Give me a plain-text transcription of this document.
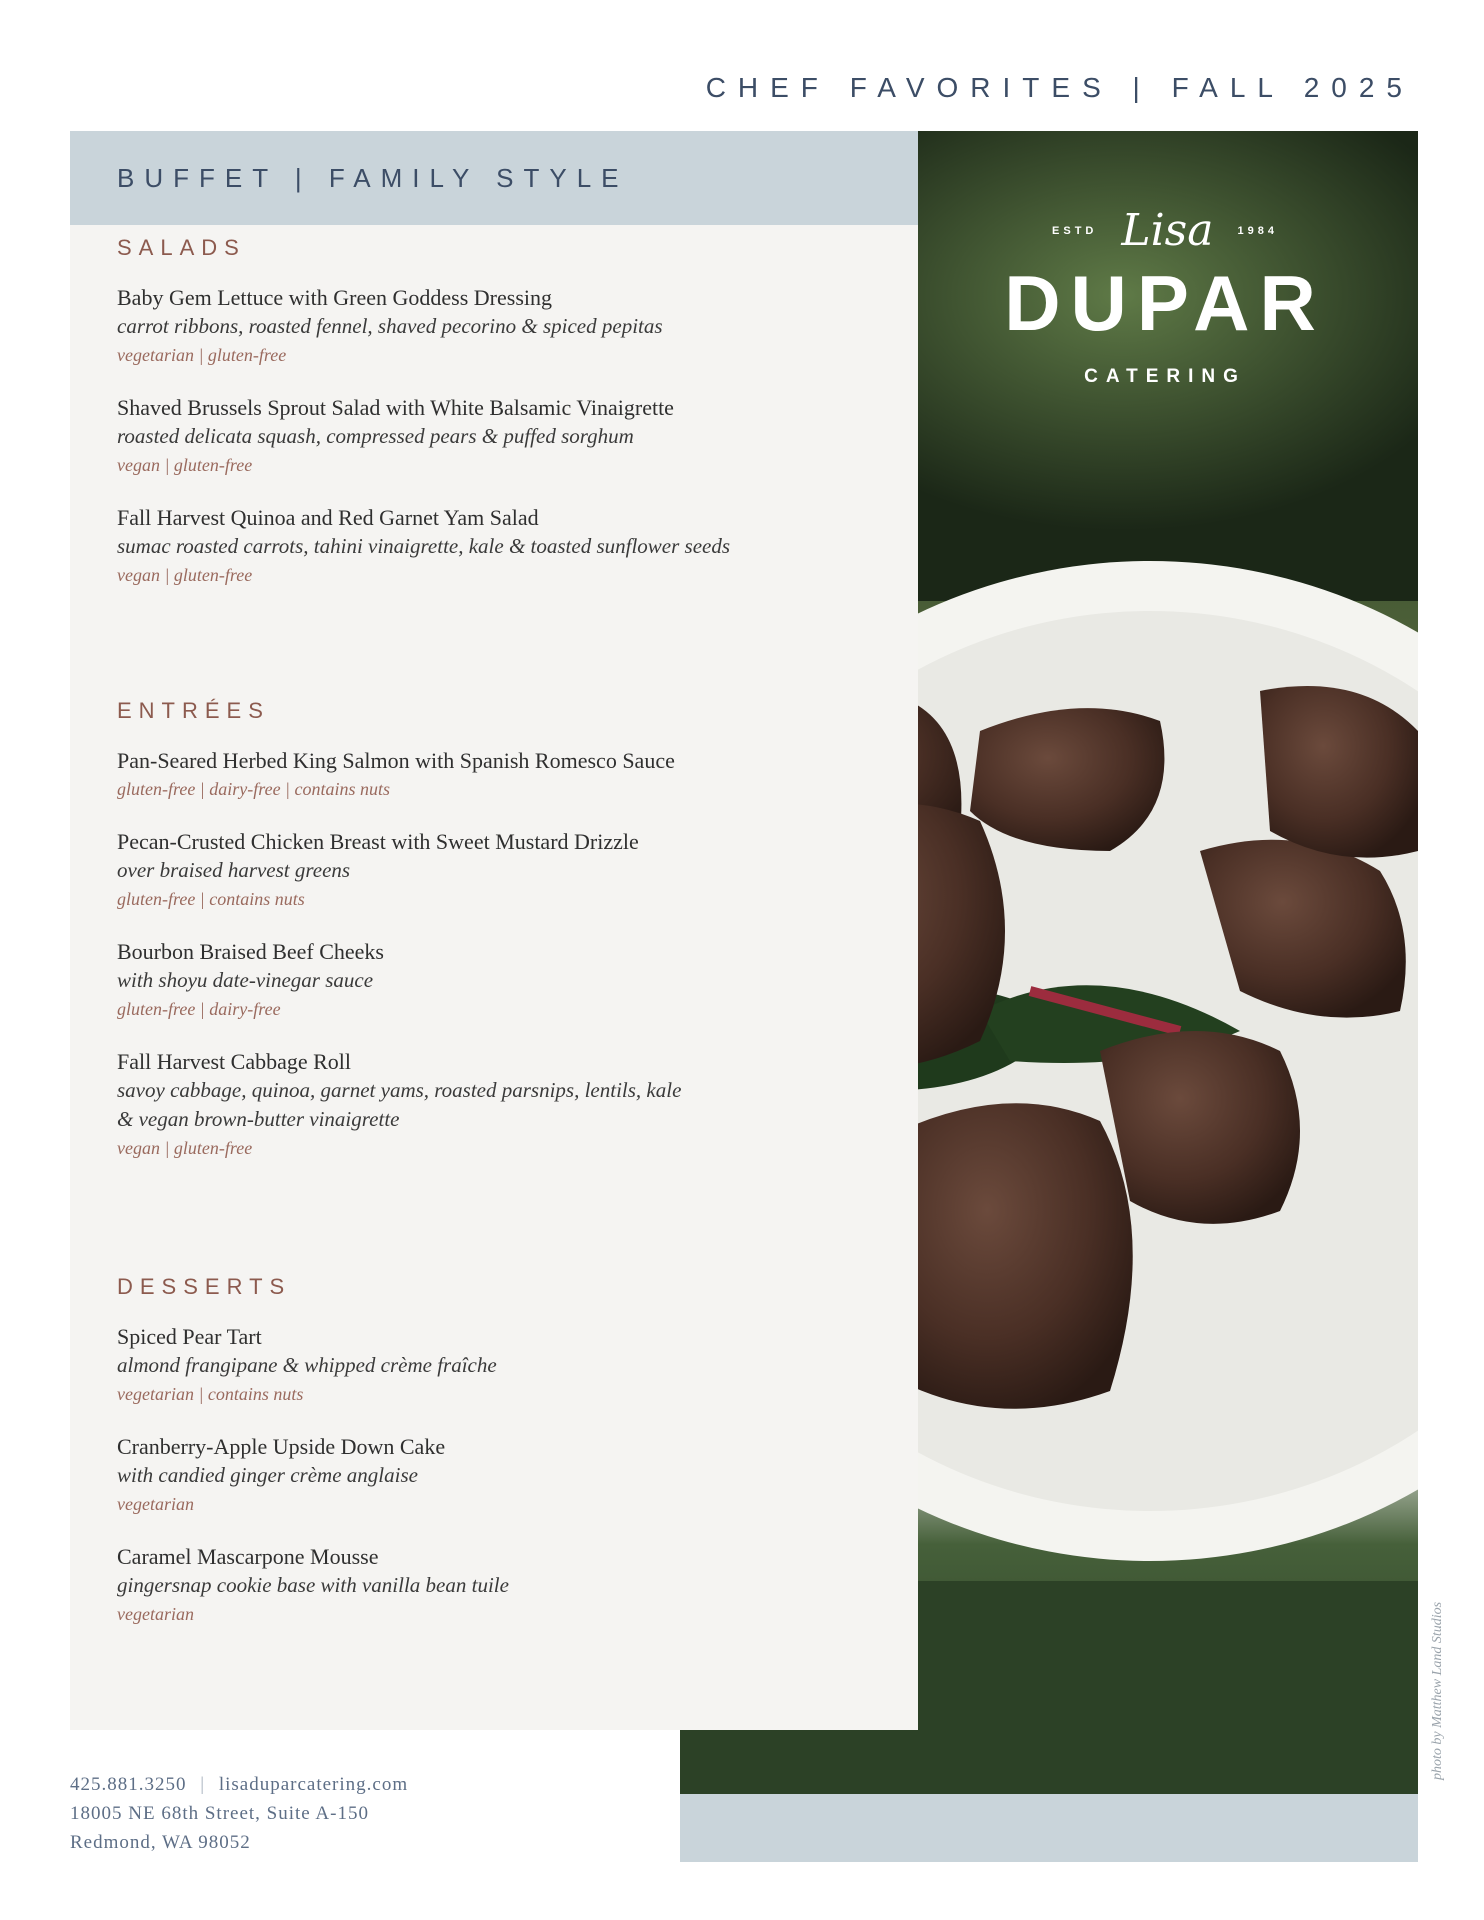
CHEF FAVORITES | FALL 2025
photo by Matthew Land Studios
ESTD Lisa 1984
DUPAR
CATERING
BUFFET | FAMILY STYLE
SALADS
Baby Gem Lettuce with Green Goddess Dressing
carrot ribbons, roasted fennel, shaved pecorino & spiced pepitas
vegetarian | gluten-free
Shaved Brussels Sprout Salad with White Balsamic Vinaigrette
roasted delicata squash, compressed pears & puffed sorghum
vegan | gluten-free
Fall Harvest Quinoa and Red Garnet Yam Salad
sumac roasted carrots, tahini vinaigrette, kale & toasted sunflower seeds
vegan | gluten-free
ENTRÉES
Pan-Seared Herbed King Salmon with Spanish Romesco Sauce
gluten-free | dairy-free | contains nuts
Pecan-Crusted Chicken Breast with Sweet Mustard Drizzle
over braised harvest greens
gluten-free | contains nuts
Bourbon Braised Beef Cheeks
with shoyu date-vinegar sauce
gluten-free | dairy-free
Fall Harvest Cabbage Roll
savoy cabbage, quinoa, garnet yams, roasted parsnips, lentils, kale
& vegan brown-butter vinaigrette
vegan | gluten-free
DESSERTS
Spiced Pear Tart
almond frangipane & whipped crème fraîche
vegetarian | contains nuts
Cranberry-Apple Upside Down Cake
with candied ginger crème anglaise
vegetarian
Caramel Mascarpone Mousse
gingersnap cookie base with vanilla bean tuile
vegetarian
425.881.3250 | lisaduparcatering.com
18005 NE 68th Street, Suite A-150
Redmond, WA 98052
